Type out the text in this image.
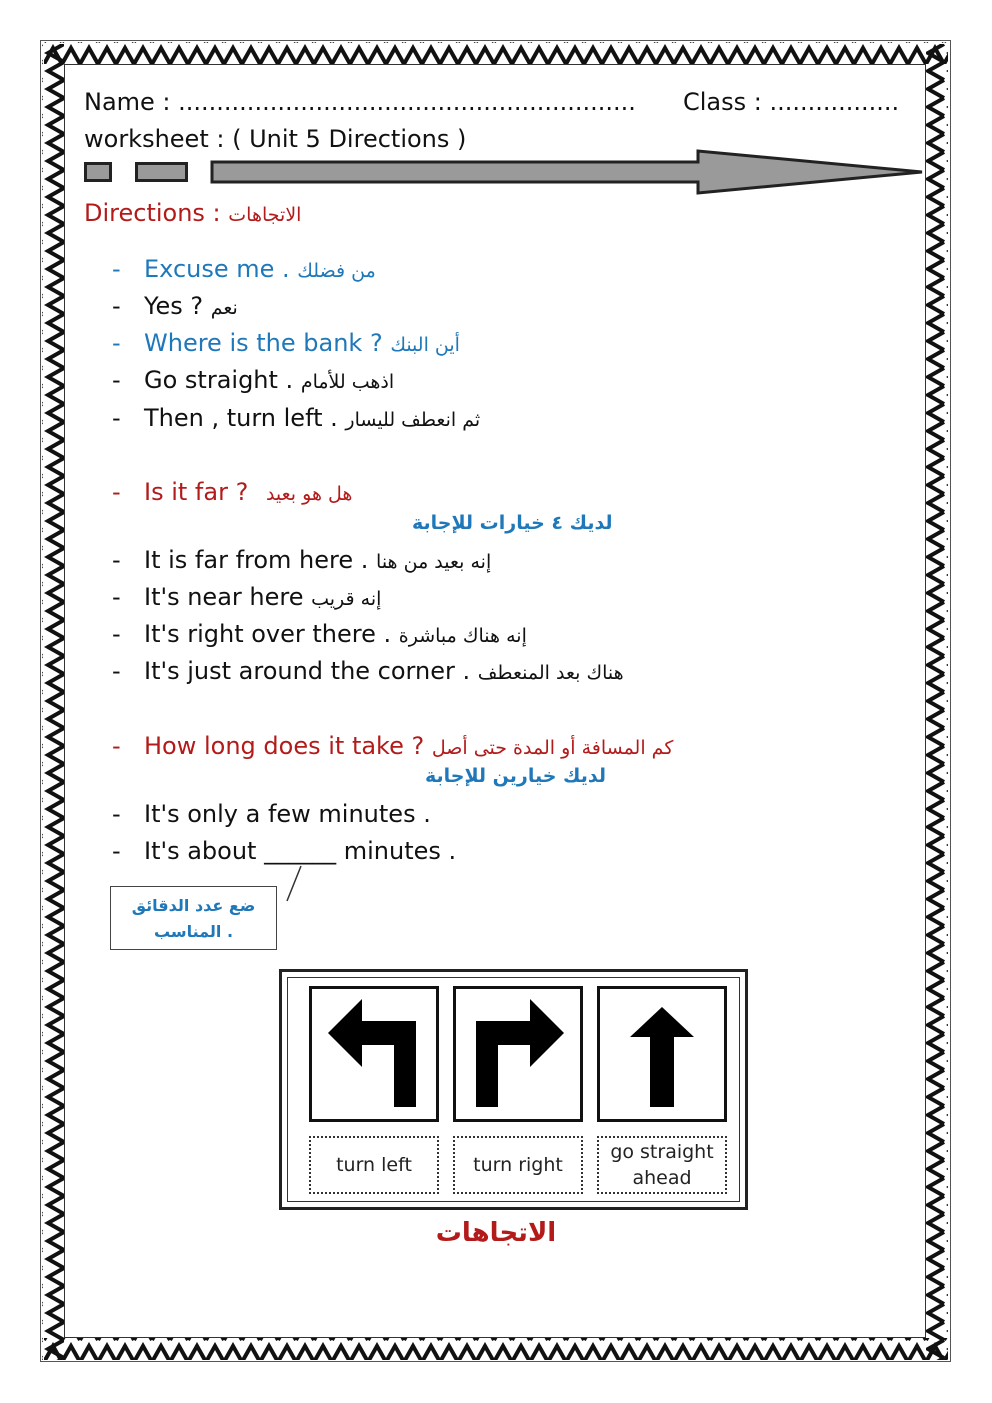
Name : ............................................................ Class : .................
worksheet : ( Unit 5 Directions )
Directions : الاتجاهات
- Excuse me . من فضلك
- Yes ? نعم
- Where is the bank ? أين البنك
- Go straight . اذهب للأمام
- Then , turn left . ثم انعطف لليسار
- Is it far ? هل هو بعيد
لديك ٤ خيارات للإجابة
- It is far from here . إنه بعيد من هنا
- It's near here إنه قريب
- It's right over there . إنه هناك مباشرة
- It's just around the corner . هناك بعد المنعطف
- How long does it take ? كم المسافة أو المدة حتى أصل
لديك خيارين للإجابة
- It's only a few minutes .
- It's about ______ minutes .
ضع عدد الدقائق
المناسب .
turn left	turn right
go straight ahead
الاتجاهات
